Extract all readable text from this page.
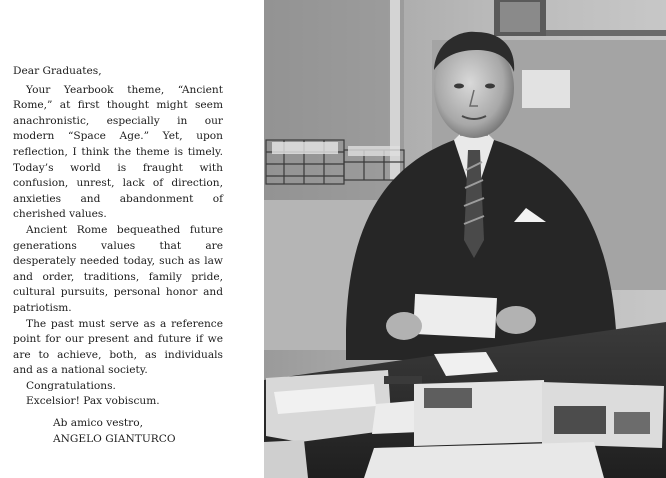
Dear Graduates,

Your Yearbook theme, “Ancient Rome,” at first thought might seem anachronistic, especially in our modern “Space Age.” Yet, upon reflection, I think the theme is timely. Today’s world is fraught with confusion, unrest, lack of direction, anxieties and abandonment of cherished values.

Ancient Rome bequeathed future generations values that are desperately needed today, such as law and order, traditions, family pride, cultural pursuits, personal honor and patriotism.

The past must serve as a reference point for our present and future if we are to achieve, both, as individuals and as a national society.

Congratulations.

Excelsior! Pax vobiscum.

Ab amico vestro,

ANGELO GIANTURCO
